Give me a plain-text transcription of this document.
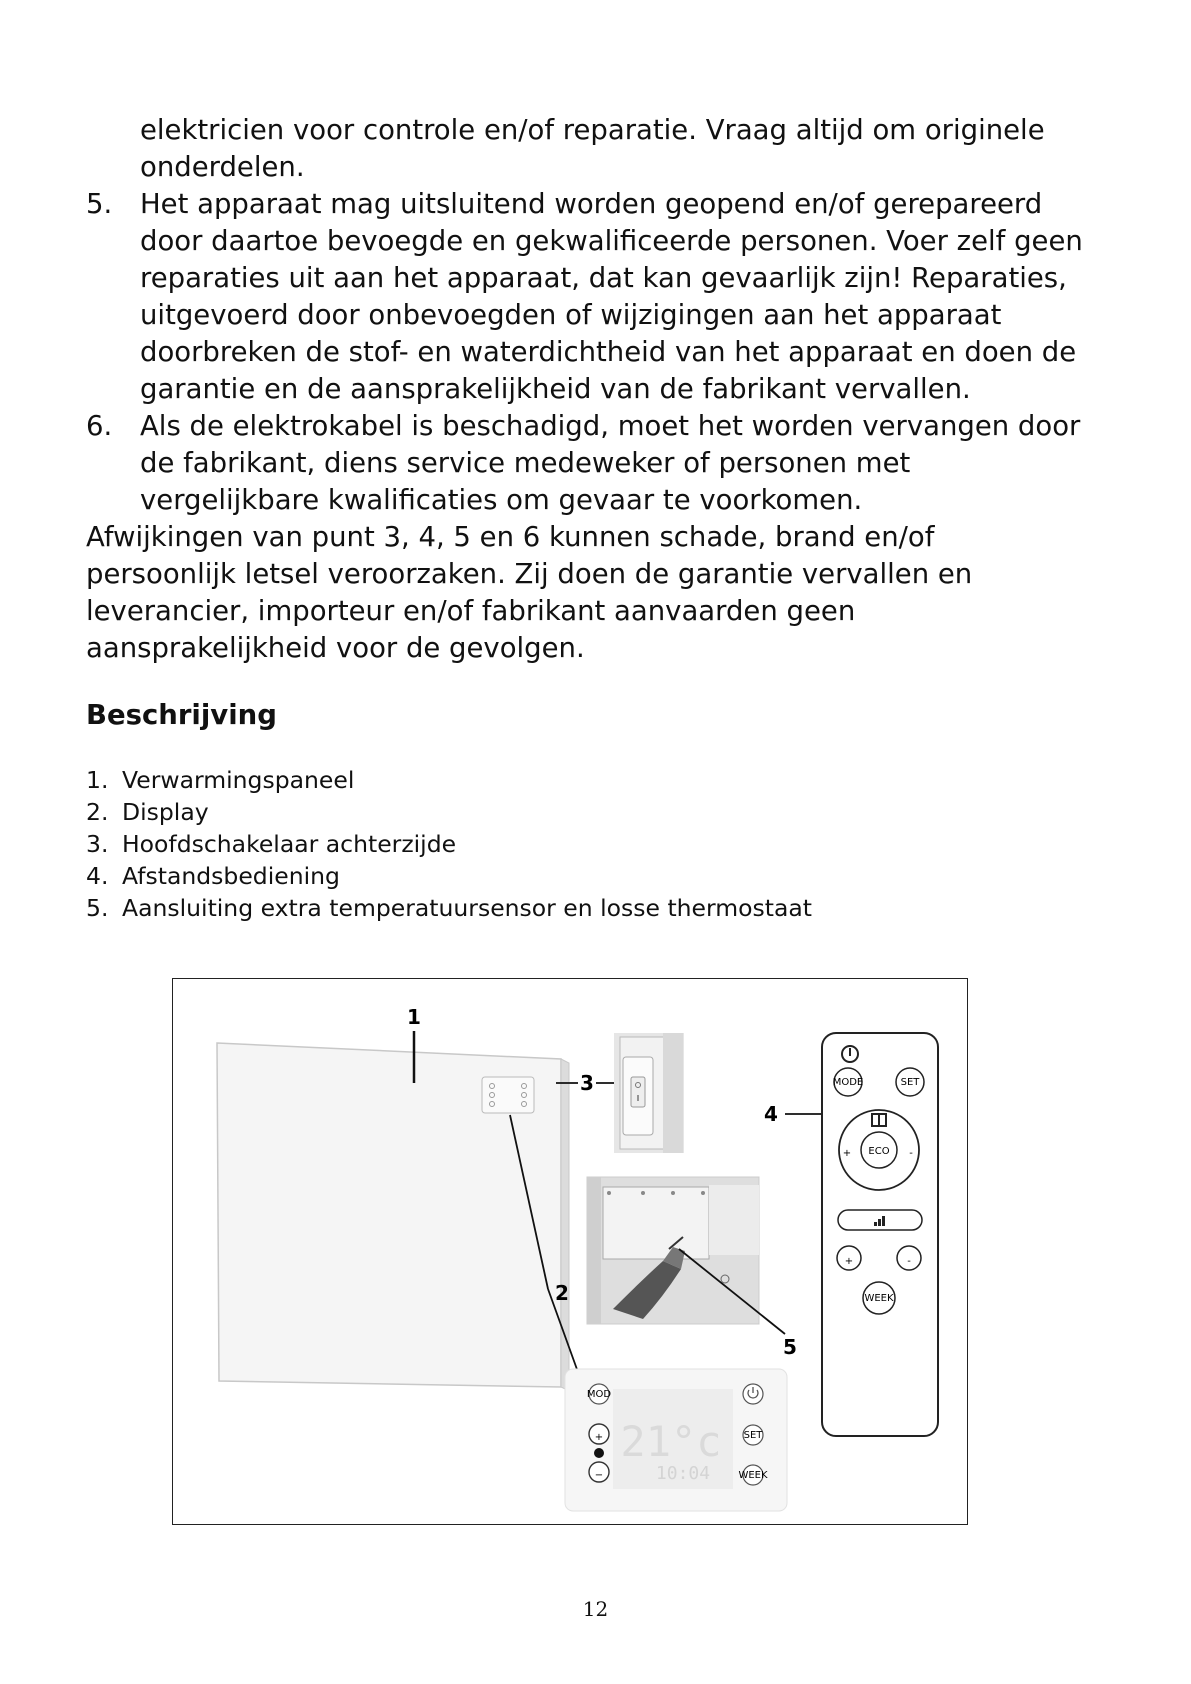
elektricien voor controle en/of reparatie. Vraag altijd om originele
onderdelen.
5.	Het apparaat mag uitsluitend worden geopend en/of gerepareerd
door daartoe bevoegde en gekwalificeerde personen. Voer zelf geen
reparaties uit aan het apparaat, dat kan gevaarlijk zijn! Reparaties,
uitgevoerd door onbevoegden of wijzigingen aan het apparaat
doorbreken de stof- en waterdichtheid van het apparaat en doen de
garantie en de aansprakelijkheid van de fabrikant vervallen.
6.	Als de elektrokabel is beschadigd, moet het worden vervangen door
de fabrikant, diens service medeweker of personen met
vergelijkbare kwalificaties om gevaar te voorkomen.
Afwijkingen van punt 3, 4, 5 en 6 kunnen schade, brand en/of
persoonlijk letsel veroorzaken. Zij doen de garantie vervallen en
leverancier, importeur en/of fabrikant aanvaarden geen
aansprakelijkheid voor de gevolgen.
Beschrijving
1. Verwarmingspaneel
2. Display
3. Hoofdschakelaar achterzijde
4. Afstandsbediening
5. Aansluiting extra temperatuursensor en losse thermostaat
1
2
3
5
21°c
10:04
MOD
+
−
SET
WEEK
4
MODE	SET
ECO
+	-
+	-
WEEK
12
